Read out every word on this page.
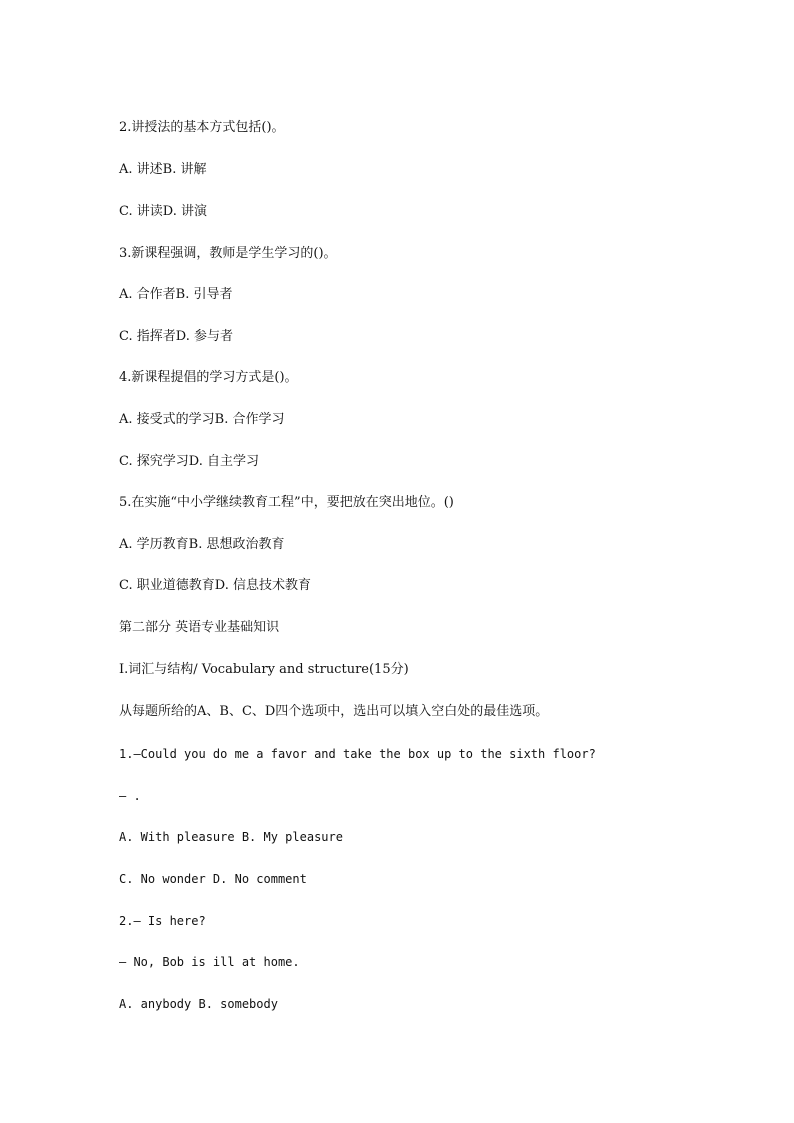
2.讲授法的基本方式包括()。

A. 讲述B. 讲解

C. 讲读D. 讲演

3.新课程强调，教师是学生学习的()。

A. 合作者B. 引导者

C. 指挥者D. 参与者

4.新课程提倡的学习方式是()。

A. 接受式的学习B. 合作学习

C. 探究学习D. 自主学习

5.在实施“中小学继续教育工程”中，要把放在突出地位。()

A. 学历教育B. 思想政治教育

C. 职业道德教育D. 信息技术教育

第二部分 英语专业基础知识

Ⅰ.词汇与结构/ Vocabulary and structure(15分)

从每题所给的A、B、C、D四个选项中，选出可以填入空白处的最佳选项。

1.—Could you do me a favor and take the box up to the sixth floor?

— .

A. With pleasure B. My pleasure

C. No wonder D. No comment

2.— Is here?

— No, Bob is ill at home.

A. anybody B. somebody
